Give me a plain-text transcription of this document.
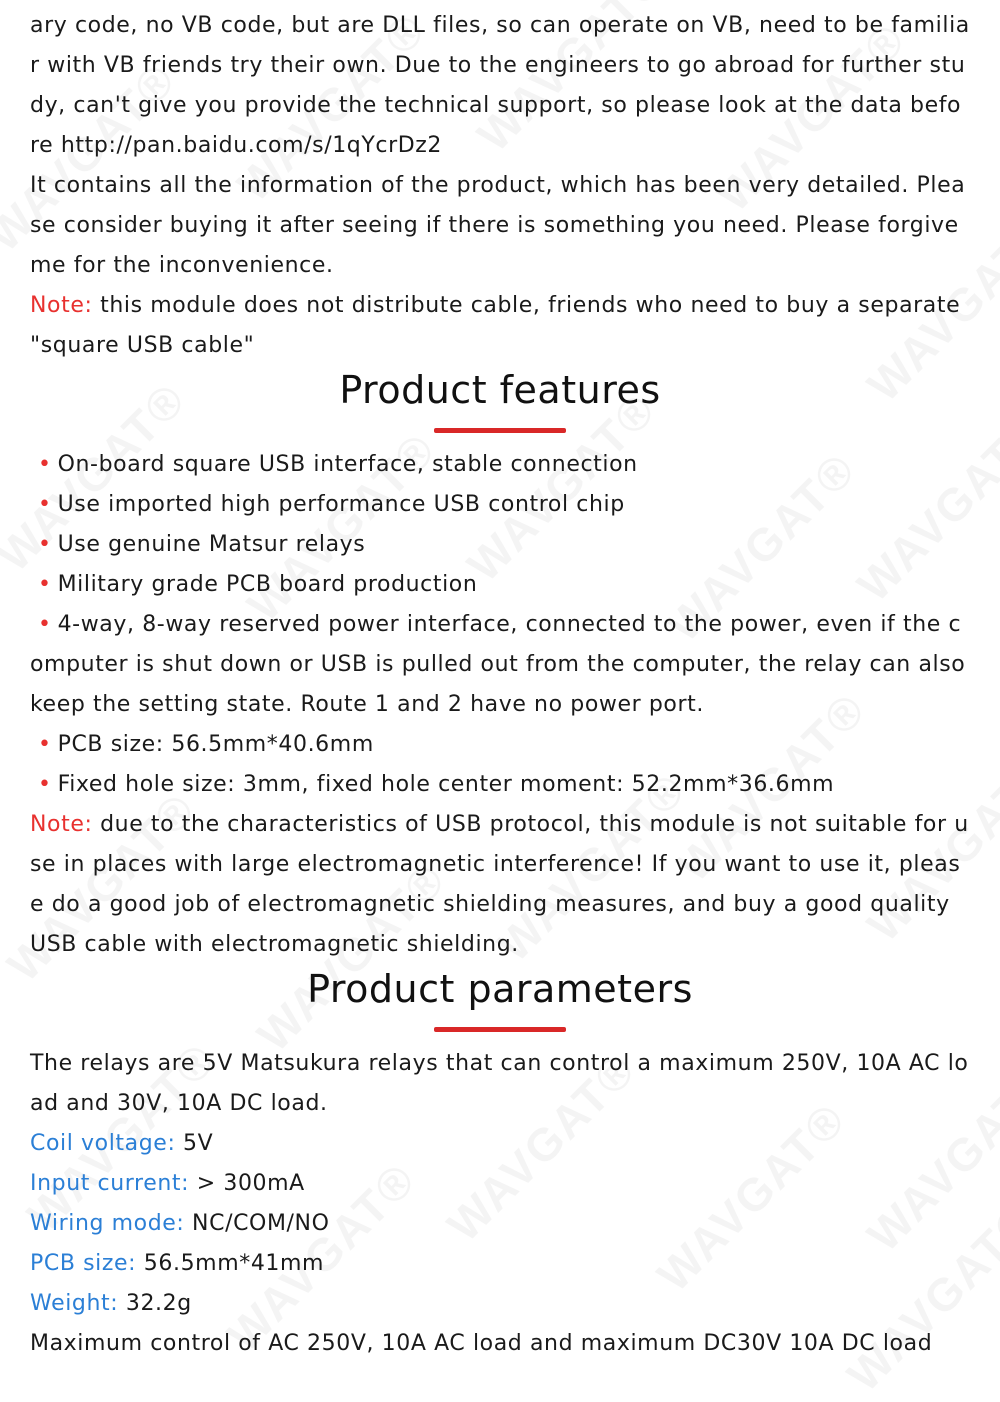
ary code, no VB code, but are DLL files, so can operate on VB, need to be familiar with VB friends try their own. Due to the engineers to go abroad for further study, can't give you provide the technical support, so please look at the data before http://pan.baidu.com/s/1qYcrDz2

It contains all the information of the product, which has been very detailed. Please consider buying it after seeing if there is something you need. Please forgive me for the inconvenience.

Note: this module does not distribute cable, friends who need to buy a separate "square USB cable"

Product features

• On-board square USB interface, stable connection

• Use imported high performance USB control chip

• Use genuine Matsur relays

• Military grade PCB board production

• 4-way, 8-way reserved power interface, connected to the power, even if the computer is shut down or USB is pulled out from the computer, the relay can also keep the setting state. Route 1 and 2 have no power port.

• PCB size: 56.5mm*40.6mm

• Fixed hole size: 3mm, fixed hole center moment: 52.2mm*36.6mm

Note: due to the characteristics of USB protocol, this module is not suitable for use in places with large electromagnetic interference! If you want to use it, please do a good job of electromagnetic shielding measures, and buy a good quality USB cable with electromagnetic shielding.

Product parameters

The relays are 5V Matsukura relays that can control a maximum 250V, 10A AC load and 30V, 10A DC load.

Coil voltage: 5V

Input current: > 300mA

Wiring mode: NC/COM/NO

PCB size: 56.5mm*41mm

Weight: 32.2g

Maximum control of AC 250V, 10A AC load and maximum DC30V 10A DC load
